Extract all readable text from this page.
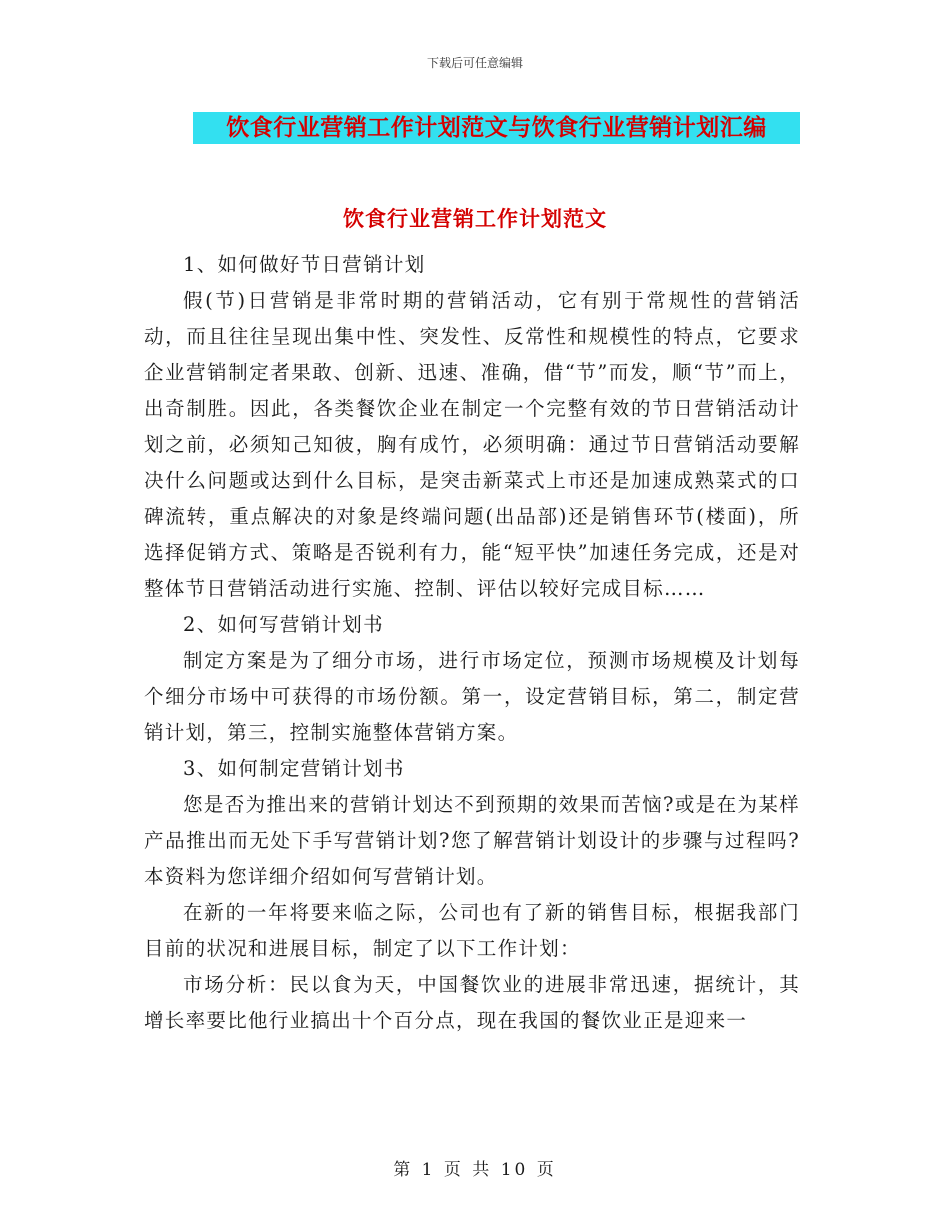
下载后可任意编辑
饮食行业营销工作计划范文与饮食行业营销计划汇编
饮食行业营销工作计划范文

1、如何做好节日营销计划

假(节)日营销是非常时期的营销活动，它有别于常规性的营销活动，而且往往呈现出集中性、突发性、反常性和规模性的特点，它要求企业营销制定者果敢、创新、迅速、准确，借“节”而发，顺“节”而上，出奇制胜。因此，各类餐饮企业在制定一个完整有效的节日营销活动计划之前，必须知己知彼，胸有成竹，必须明确：通过节日营销活动要解决什么问题或达到什么目标，是突击新菜式上市还是加速成熟菜式的口碑流转，重点解决的对象是终端问题(出品部)还是销售环节(楼面)，所选择促销方式、策略是否锐利有力，能“短平快”加速任务完成，还是对整体节日营销活动进行实施、控制、评估以较好完成目标……

2、如何写营销计划书

制定方案是为了细分市场，进行市场定位，预测市场规模及计划每个细分市场中可获得的市场份额。第一，设定营销目标，第二，制定营销计划，第三，控制实施整体营销方案。

3、如何制定营销计划书

您是否为推出来的营销计划达不到预期的效果而苦恼?或是在为某样产品推出而无处下手写营销计划?您了解营销计划设计的步骤与过程吗?本资料为您详细介绍如何写营销计划。

在新的一年将要来临之际，公司也有了新的销售目标，根据我部门目前的状况和进展目标，制定了以下工作计划：

市场分析：民以食为天，中国餐饮业的进展非常迅速，据统计，其增长率要比他行业搞出十个百分点，现在我国的餐饮业正是迎来一

第 1 页 共 10 页
